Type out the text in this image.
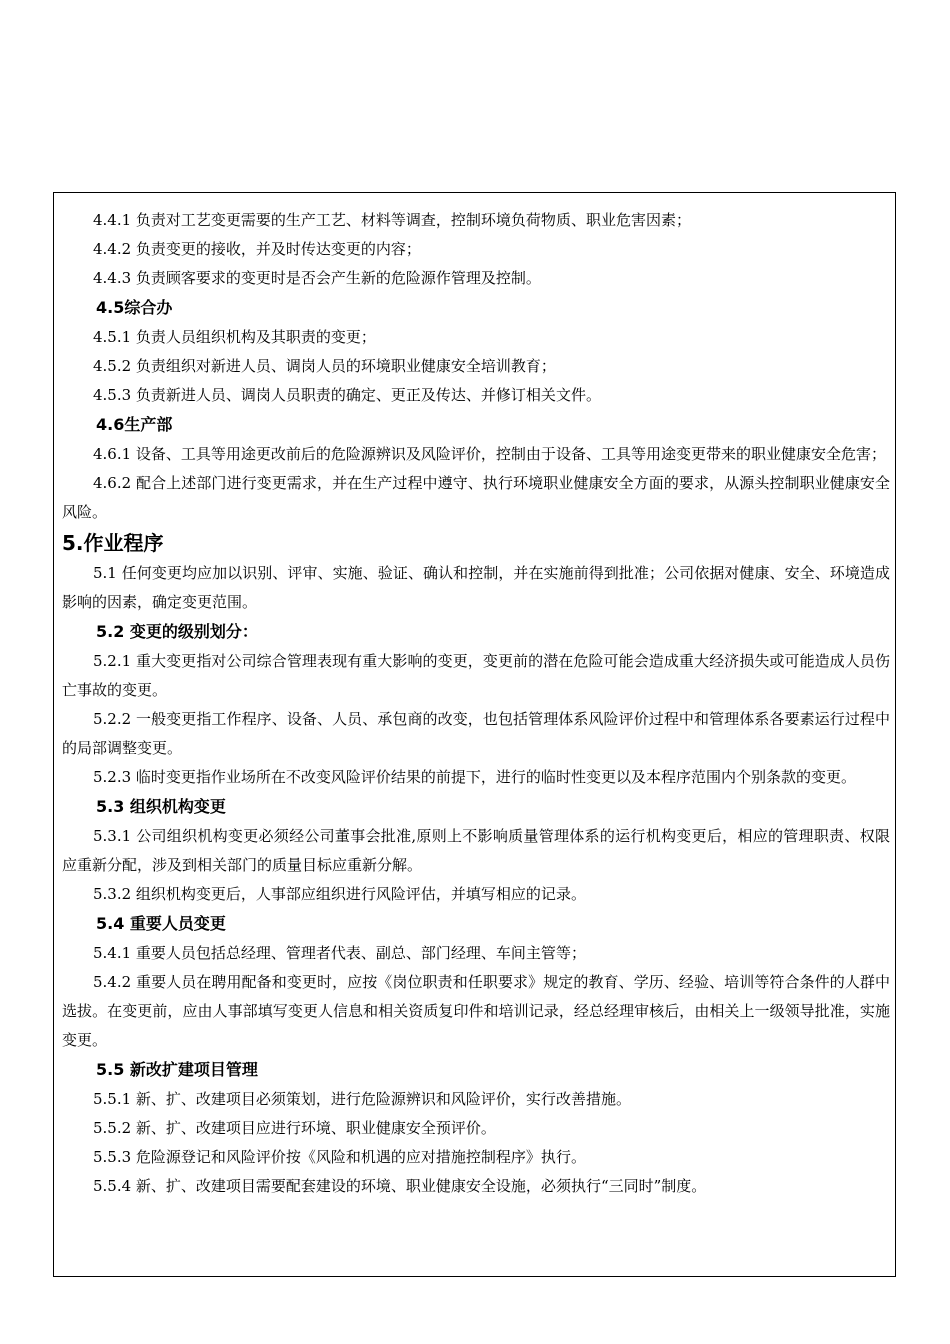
4.4.1 负责对工艺变更需要的生产工艺、材料等调查，控制环境负荷物质、职业危害因素；

4.4.2 负责变更的接收，并及时传达变更的内容；

4.4.3 负责顾客要求的变更时是否会产生新的危险源作管理及控制。

4.5综合办

4.5.1 负责人员组织机构及其职责的变更；

4.5.2 负责组织对新进人员、调岗人员的环境职业健康安全培训教育；

4.5.3 负责新进人员、调岗人员职责的确定、更正及传达、并修订相关文件。

4.6生产部

4.6.1 设备、工具等用途更改前后的危险源辨识及风险评价，控制由于设备、工具等用途变更带来的职业健康安全危害；

4.6.2 配合上述部门进行变更需求，并在生产过程中遵守、执行环境职业健康安全方面的要求，从源头控制职业健康安全风险。

5.作业程序

5.1 任何变更均应加以识别、评审、实施、验证、确认和控制，并在实施前得到批准；公司依据对健康、安全、环境造成影响的因素，确定变更范围。

5.2 变更的级别划分：

5.2.1 重大变更指对公司综合管理表现有重大影响的变更，变更前的潜在危险可能会造成重大经济损失或可能造成人员伤亡事故的变更。

5.2.2 一般变更指工作程序、设备、人员、承包商的改变，也包括管理体系风险评价过程中和管理体系各要素运行过程中的局部调整变更。

5.2.3 临时变更指作业场所在不改变风险评价结果的前提下，进行的临时性变更以及本程序范围内个别条款的变更。

5.3 组织机构变更

5.3.1 公司组织机构变更必须经公司董事会批准,原则上不影响质量管理体系的运行机构变更后，相应的管理职责、权限应重新分配，涉及到相关部门的质量目标应重新分解。

5.3.2 组织机构变更后，人事部应组织进行风险评估，并填写相应的记录。

5.4 重要人员变更

5.4.1 重要人员包括总经理、管理者代表、副总、部门经理、车间主管等；

5.4.2 重要人员在聘用配备和变更时，应按《岗位职责和任职要求》规定的教育、学历、经验、培训等符合条件的人群中选拔。在变更前，应由人事部填写变更人信息和相关资质复印件和培训记录，经总经理审核后，由相关上一级领导批准，实施变更。

5.5 新改扩建项目管理

5.5.1 新、扩、改建项目必须策划，进行危险源辨识和风险评价，实行改善措施。

5.5.2 新、扩、改建项目应进行环境、职业健康安全预评价。

5.5.3 危险源登记和风险评价按《风险和机遇的应对措施控制程序》执行。

5.5.4 新、扩、改建项目需要配套建设的环境、职业健康安全设施，必须执行“三同时”制度。
